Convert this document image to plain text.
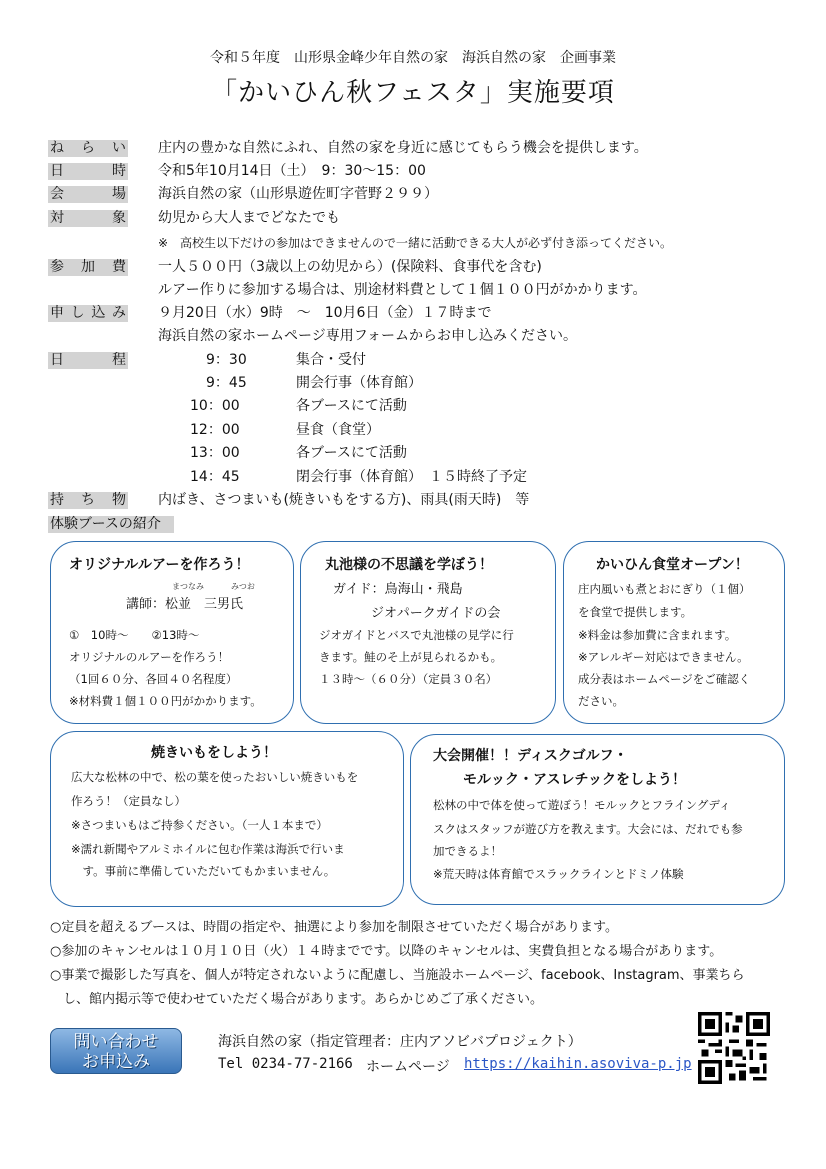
令和５年度　山形県金峰少年自然の家　海浜自然の家　企画事業
「かいひん秋フェスタ」実施要項
ね ら い 庄内の豊かな自然にふれ、自然の家を身近に感じてもらう機会を提供します。
日	時 令和5年10月14日（土）　9：30～15：00
会	場 海浜自然の家（山形県遊佐町字菅野２９９）
対	象 幼児から大人までどなたでも
※　高校生以下だけの参加はできませんので一緒に活動できる大人が必ず付き添ってください。
参 加 費 一人５００円（3歳以上の幼児から）(保険料、食事代を含む)
ルアー作りに参加する場合は、別途材料費として１個１００円がかかります。
申 し 込 み ９月20日（水）9時　～　10月6日（金）１７時まで
海浜自然の家ホームページ専用フォームからお申し込みください。
日	程	9：30	集合・受付
9：45	開会行事（体育館）
10：00	各ブースにて活動
12：00	昼食（食堂）
13：00	各ブースにて活動
14：45	閉会行事（体育館）　１５時終了予定
持 ち 物 内ばき、さつまいも(焼きいもをする方)、雨具(雨天時)　等
体験ブースの紹介
オリジナルルアーを作ろう！
まつなみ	みつお
講師：松並　三男氏
①　10時～　　②13時～
オリジナルのルアーを作ろう！
（1回６０分、各回４０名程度）
※材料費１個１００円がかかります。
丸池様の不思議を学ぼう！
ガイド：鳥海山・飛島
ジオパークガイドの会
ジオガイドとバスで丸池様の見学に行
きます。鮭のそ上が見られるかも。
１３時～（６０分）（定員３０名）
かいひん食堂オープン！
庄内風いも煮とおにぎり（１個）
を食堂で提供します。
※料金は参加費に含まれます。
※アレルギー対応はできません。
成分表はホームページをご確認く
ださい。
焼きいもをしよう！
広大な松林の中で、松の葉を使ったおいしい焼きいもを
作ろう！（定員なし）
※さつまいもはご持参ください。（一人１本まで）
※濡れ新聞やアルミホイルに包む作業は海浜で行いま
　す。事前に準備していただいてもかまいません。
大会開催！！ディスクゴルフ・
モルック・アスレチックをしよう！
松林の中で体を使って遊ぼう！モルックとフライングディ
スクはスタッフが遊び方を教えます。大会には、だれでも参
加できるよ！
※荒天時は体育館でスラックラインとドミノ体験
○定員を超えるブースは、時間の指定や、抽選により参加を制限させていただく場合があります。
○参加のキャンセルは１０月１０日（火）１４時までです。以降のキャンセルは、実費負担となる場合があります。
○事業で撮影した写真を、個人が特定されないように配慮し、当施設ホームページ、facebook、Instagram、事業ちら
　し、館内掲示等で使わせていただく場合があります。あらかじめご了承ください。
問い合わせ
お申込み
海浜自然の家（指定管理者：庄内アソビバプロジェクト）
Tel 0234-77-2166 ホームページ https://kaihin.asoviva-p.jp
